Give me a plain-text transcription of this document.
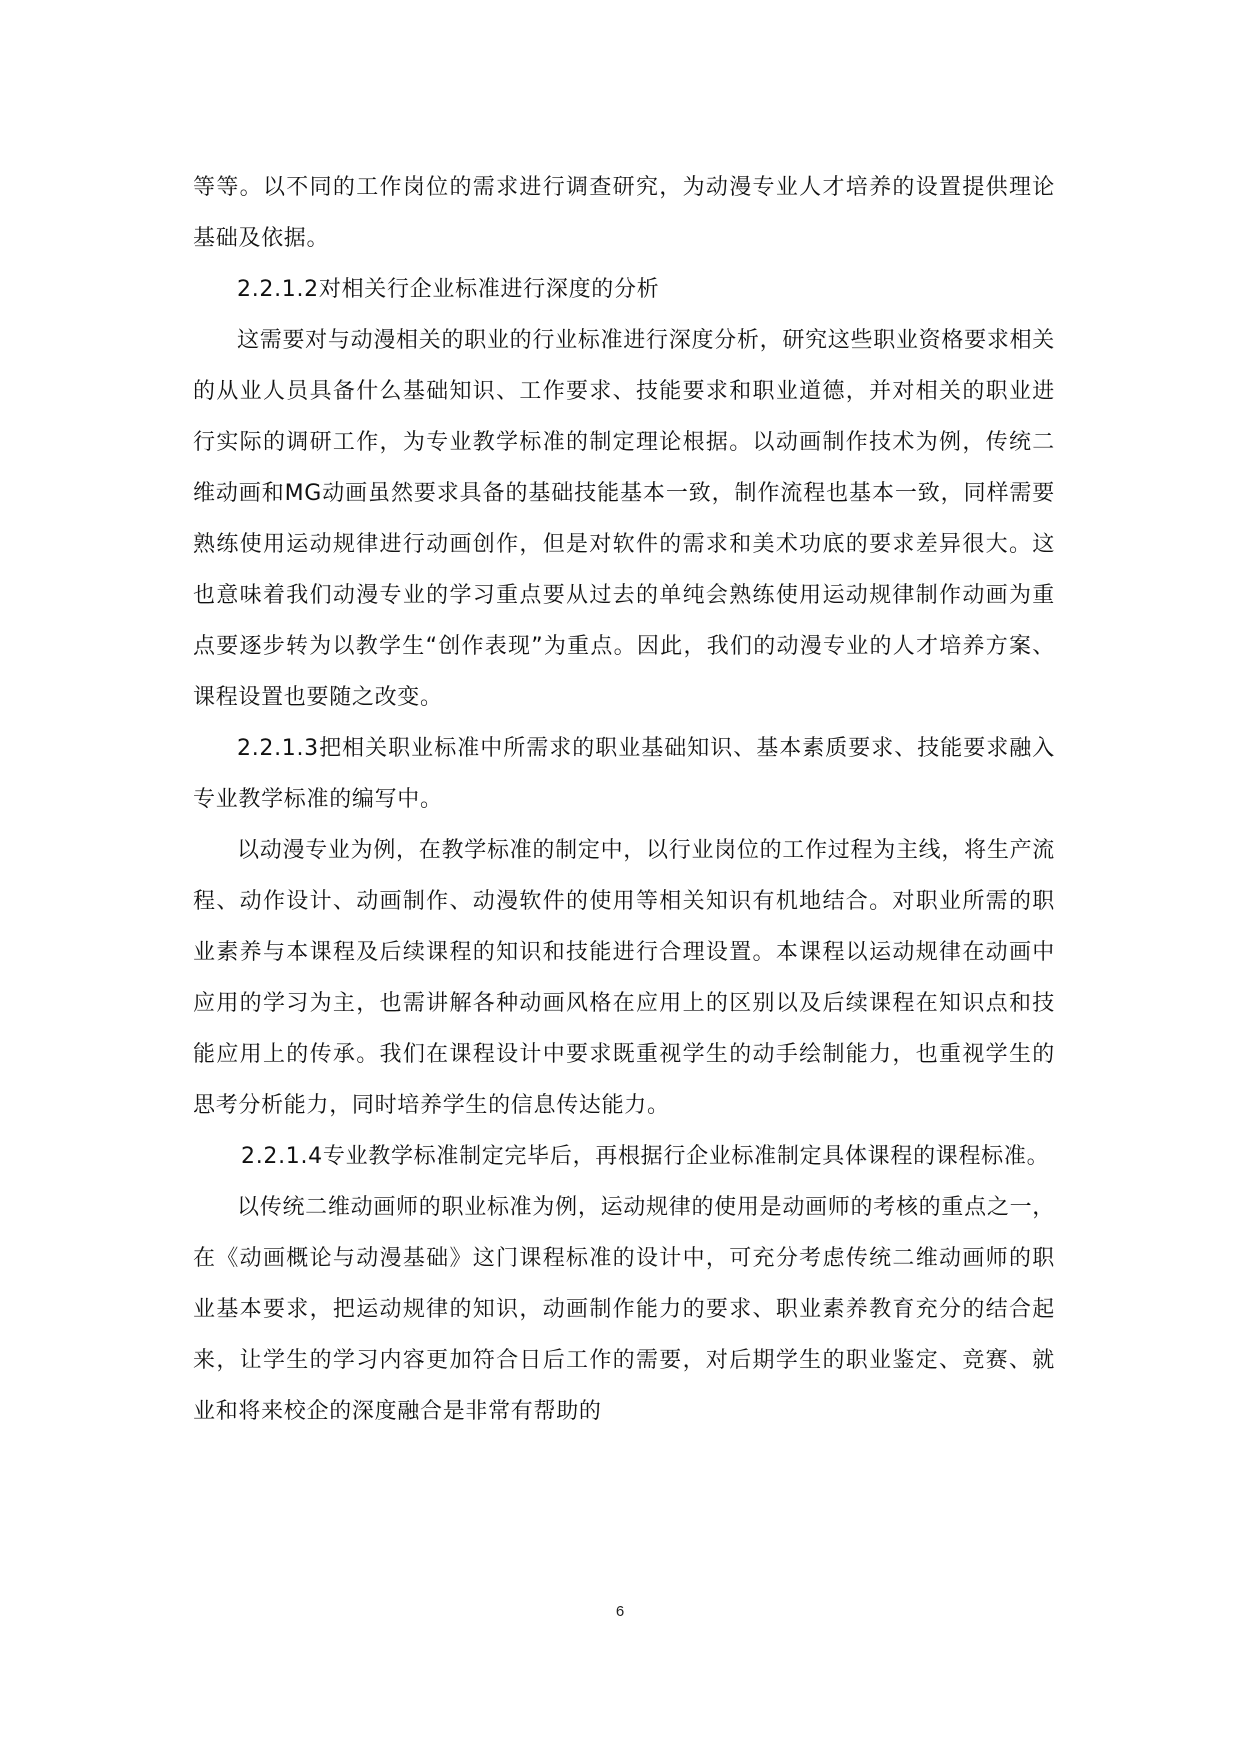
等等。以不同的工作岗位的需求进行调查研究，为动漫专业人才培养的设置提供理论基础及依据。

2.2.1.2对相关行企业标准进行深度的分析

这需要对与动漫相关的职业的行业标准进行深度分析，研究这些职业资格要求相关的从业人员具备什么基础知识、工作要求、技能要求和职业道德，并对相关的职业进行实际的调研工作，为专业教学标准的制定理论根据。以动画制作技术为例，传统二维动画和MG动画虽然要求具备的基础技能基本一致，制作流程也基本一致，同样需要熟练使用运动规律进行动画创作，但是对软件的需求和美术功底的要求差异很大。这也意味着我们动漫专业的学习重点要从过去的单纯会熟练使用运动规律制作动画为重点要逐步转为以教学生“创作表现”为重点。因此，我们的动漫专业的人才培养方案、课程设置也要随之改变。

2.2.1.3把相关职业标准中所需求的职业基础知识、基本素质要求、技能要求融入专业教学标准的编写中。

以动漫专业为例，在教学标准的制定中，以行业岗位的工作过程为主线，将生产流程、动作设计、动画制作、动漫软件的使用等相关知识有机地结合。对职业所需的职业素养与本课程及后续课程的知识和技能进行合理设置。本课程以运动规律在动画中应用的学习为主，也需讲解各种动画风格在应用上的区别以及后续课程在知识点和技能应用上的传承。我们在课程设计中要求既重视学生的动手绘制能力，也重视学生的思考分析能力，同时培养学生的信息传达能力。

2.2.1.4专业教学标准制定完毕后，再根据行企业标准制定具体课程的课程标准。

以传统二维动画师的职业标准为例，运动规律的使用是动画师的考核的重点之一，在《动画概论与动漫基础》这门课程标准的设计中，可充分考虑传统二维动画师的职业基本要求，把运动规律的知识，动画制作能力的要求、职业素养教育充分的结合起来，让学生的学习内容更加符合日后工作的需要，对后期学生的职业鉴定、竞赛、就业和将来校企的深度融合是非常有帮助的

6
